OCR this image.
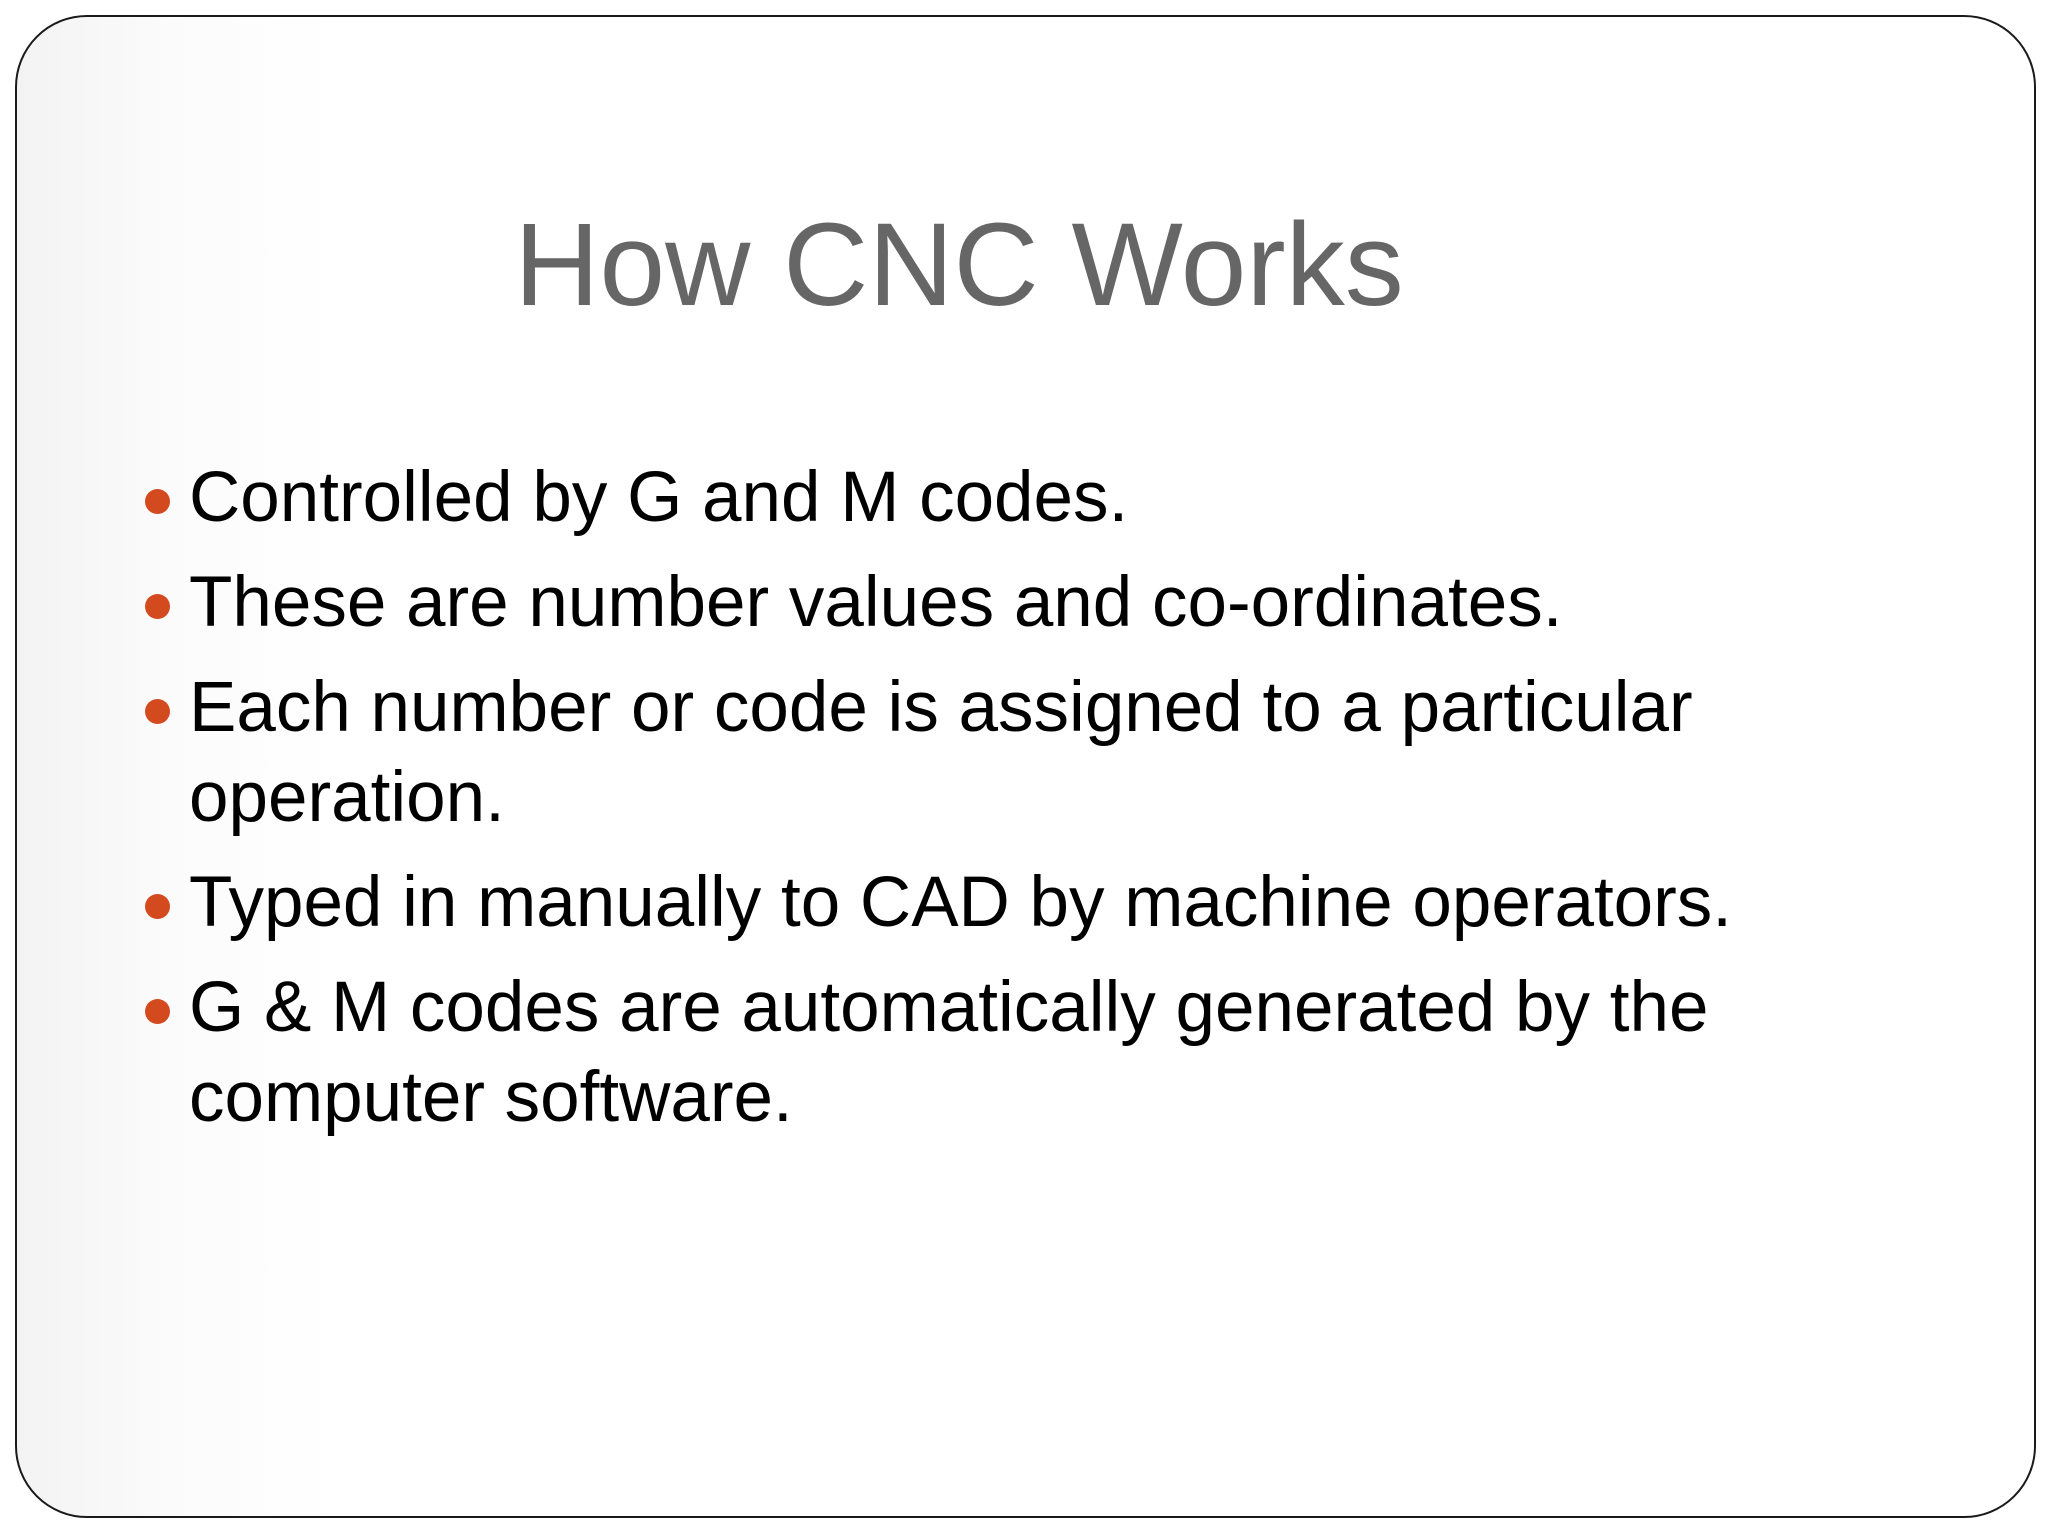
How CNC Works
Controlled by G and M codes.
These are number values and co-ordinates.
Each number or code is assigned to a particular operation.
Typed in manually to CAD by machine operators.
G & M codes are automatically generated by the computer software.
